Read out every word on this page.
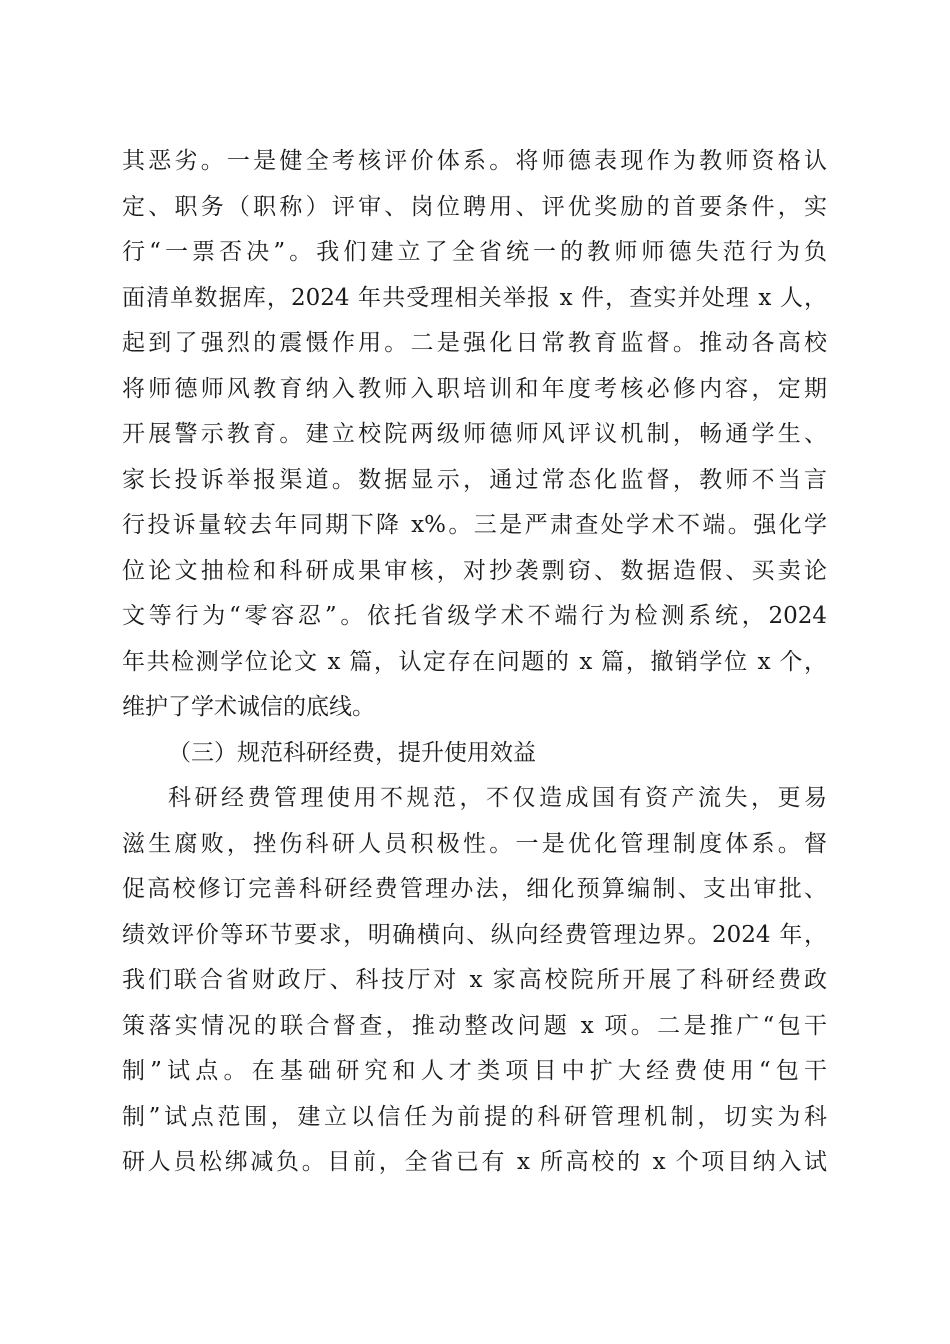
其恶劣。一是健全考核评价体系。将师德表现作为教师资格认
定、职务（职称）评审、岗位聘用、评优奖励的首要条件，实
行“一票否决”。我们建立了全省统一的教师师德失范行为负
面清单数据库，2024 年共受理相关举报 x 件，查实并处理 x 人，
起到了强烈的震慑作用。二是强化日常教育监督。推动各高校
将师德师风教育纳入教师入职培训和年度考核必修内容，定期
开展警示教育。建立校院两级师德师风评议机制，畅通学生、
家长投诉举报渠道。数据显示，通过常态化监督，教师不当言
行投诉量较去年同期下降 x%。三是严肃查处学术不端。强化学
位论文抽检和科研成果审核，对抄袭剽窃、数据造假、买卖论
文等行为“零容忍”。依托省级学术不端行为检测系统，2024
年共检测学位论文 x 篇，认定存在问题的 x 篇，撤销学位 x 个，
维护了学术诚信的底线。
（三）规范科研经费，提升使用效益
科研经费管理使用不规范，不仅造成国有资产流失，更易
滋生腐败，挫伤科研人员积极性。一是优化管理制度体系。督
促高校修订完善科研经费管理办法，细化预算编制、支出审批、
绩效评价等环节要求，明确横向、纵向经费管理边界。2024 年，
我们联合省财政厅、科技厅对 x 家高校院所开展了科研经费政
策落实情况的联合督查，推动整改问题 x 项。二是推广“包干
制”试点。在基础研究和人才类项目中扩大经费使用“包干
制”试点范围，建立以信任为前提的科研管理机制，切实为科
研人员松绑减负。目前，全省已有 x 所高校的 x 个项目纳入试
